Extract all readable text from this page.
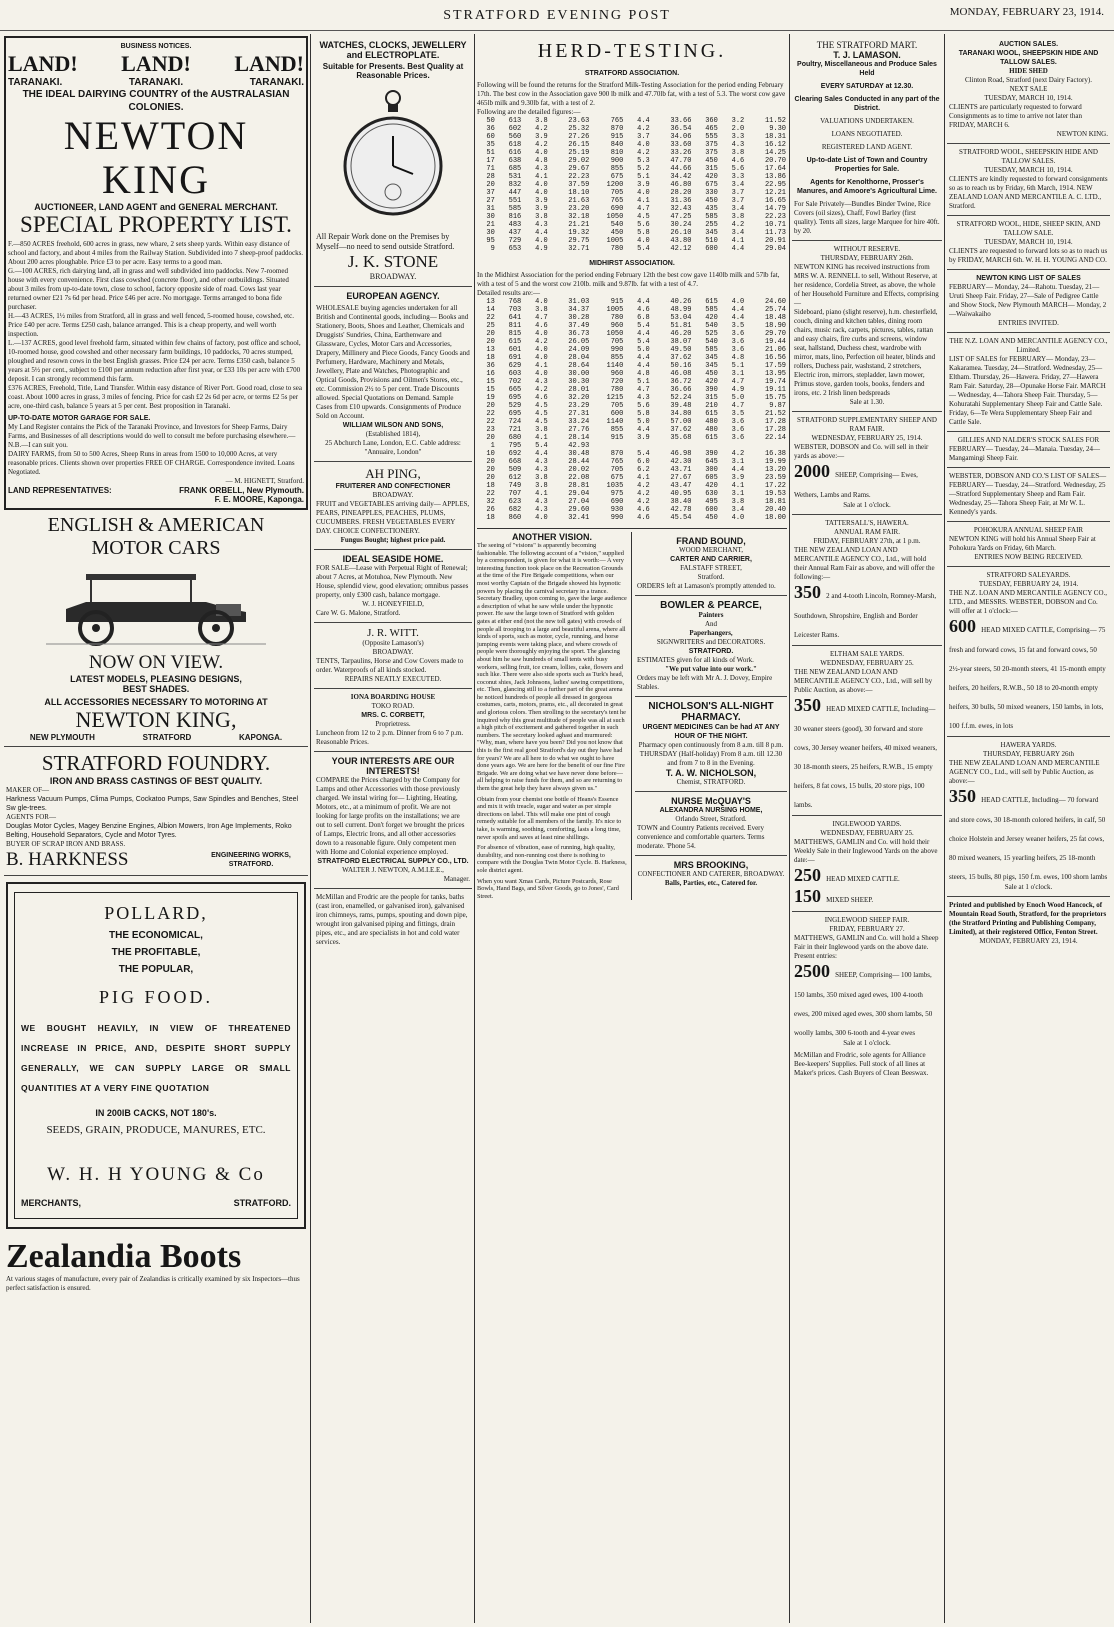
STRATFORD EVENING POST	MONDAY, FEBRUARY 23, 1914.
BUSINESS NOTICES.
LAND! LAND! LAND!
TARANAKI.	TARANAKI.	TARANAKI.
THE IDEAL DAIRYING COUNTRY of the AUSTRALASIAN COLONIES.
NEWTON KING
AUCTIONEER, LAND AGENT and GENERAL MERCHANT.
SPECIAL PROPERTY LIST.

F.—850 ACRES freehold, 600 acres in grass, new whare, 2 sets sheep yards. Within easy distance of school and factory, and about 4 miles from the Railway Station. Subdivided into 7 sheep-proof paddocks. About 200 acres ploughable. Price £3 to per acre. Easy terms to a good man.

G.—100 ACRES, rich dairying land, all in grass and well subdivided into paddocks. New 7-roomed house with every convenience. First class cowshed (concrete floor), and other outbuildings. Situated about 3 miles from up-to-date town, close to school, factory opposite side of road. Cows last year returned owner £21 7s 6d per head. Price £46 per acre. No mortgage. Terms arranged to bona fide purchaser.

H.—43 ACRES, 1½ miles from Stratford, all in grass and well fenced, 5-roomed house, cowshed, etc. Price £40 per acre. Terms £250 cash, balance arranged. This is a cheap property, and well worth inspection.

L.—137 ACRES, good level freehold farm, situated within few chains of factory, post office and school, 10-roomed house, good cowshed and other necessary farm buildings, 10 paddocks, 70 acres stumped, ploughed and resown cows in the best English grasses. Price £24 per acre. Terms £350 cash, balance 5 years at 5½ per cent., subject to £100 per annum reduction after first year, or £33 10s per acre with £700 deposit. I can strongly recommend this farm.

£376 ACRES, Freehold, Title, Land Transfer. Within easy distance of River Port. Good road, close to sea coast. About 1000 acres in grass, 3 miles of fencing. Price for cash £2 2s 6d per acre, or terms £2 5s per acre, one-third cash, balance 5 years at 5 per cent. Best proposition in Taranaki.

UP-TO-DATE MOTOR GARAGE FOR SALE.

My Land Register contains the Pick of the Taranaki Province, and Investors for Sheep Farms, Dairy Farms, and Businesses of all descriptions would do well to consult me before purchasing elsewhere.—N.B.—I can suit you.

DAIRY FARMS, from 50 to 500 Acres, Sheep Runs in areas from 1500 to 10,000 Acres, at very reasonable prices. Clients shown over properties FREE OF CHARGE. Correspondence invited. Loans Negotiated.

— M. HIGNETT, Stratford.

LAND REPRESENTATIVES:	FRANK ORBELL, New Plymouth.
F. E. MOORE, Kaponga.
ENGLISH & AMERICAN
MOTOR CARS
NOW ON VIEW.
LATEST MODELS, PLEASING DESIGNS,
BEST SHADES.
ALL ACCESSORIES NECESSARY TO MOTORING AT
NEWTON KING,
NEW PLYMOUTH	STRATFORD	KAPONGA.
STRATFORD FOUNDRY.
IRON AND BRASS CASTINGS OF BEST QUALITY.

MAKER OF—

Harkness Vacuum Pumps, Clima Pumps, Cockatoo Pumps, Saw Spindles and Benches, Steel Sw gle-trees.

AGENTS FOR—

Douglas Motor Cycles, Magey Benzine Engines, Albion Mowers, Iron Age Implements, Roko Belting, Household Separators, Cycle and Motor Tyres.

BUYER OF SCRAP IRON AND BRASS.

B. HARKNESS	ENGINEERING WORKS, STRATFORD.
POLLARD,
THE ECONOMICAL,
THE PROFITABLE,
THE POPULAR,
PIG FOOD.

WE BOUGHT HEAVILY, IN VIEW OF THREATENED INCREASE IN PRICE, AND, DESPITE SHORT SUPPLY GENERALLY, WE CAN SUPPLY LARGE OR SMALL QUANTITIES AT A VERY FINE QUOTATION

IN 200lB CACKS, NOT 180's.
SEEDS, GRAIN, PRODUCE, MANURES, ETC.
W. H. H YOUNG & Co
MERCHANTS,	STRATFORD.
Zealandia Boots

At various stages of manufacture, every pair of Zealandias is critically examined by six Inspectors—thus perfect satisfaction is ensured.

WATCHES, CLOCKS, JEWELLERY and ELECTROPLATE.
Suitable for Presents. Best Quality at Reasonable Prices.

All Repair Work done on the Premises by Myself—no need to send outside Stratford.

J. K. STONE
BROADWAY.
EUROPEAN AGENCY.

WHOLESALE buying agencies undertaken for all British and Continental goods, including— Books and Stationery, Boots, Shoes and Leather, Chemicals and Druggists' Sundries, China, Earthenware and Glassware, Cycles, Motor Cars and Accessories, Drapery, Millinery and Piece Goods, Fancy Goods and Perfumery, Hardware, Machinery and Metals, Jewellery, Plate and Watches, Photographic and Optical Goods, Provisions and Oilmen's Stores, etc., etc. Commission 2½ to 5 per cent. Trade Discounts allowed. Special Quotations on Demand. Sample Cases from £10 upwards. Consignments of Produce Sold on Account.

WILLIAM WILSON AND SONS,
(Established 1814),
25 Abchurch Lane, London, E.C. Cable address: "Annuaire, London"
AH PING,
FRUITERER AND CONFECTIONER
BROADWAY.

FRUIT and VEGETABLES arriving daily— APPLES, PEARS, PINEAPPLES, PEACHES, PLUMS, CUCUMBERS. FRESH VEGETABLES EVERY DAY. CHOICE CONFECTIONERY.

Fungus Bought; highest price paid.
IDEAL SEASIDE HOME.

FOR SALE—Lease with Perpetual Right of Renewal; about 7 Acres, at Motuhoa, New Plymouth. New House, splendid view, good elevation; omnibus passes property, only £300 cash, balance mortgage.

W. J. HONEYFIELD,
Care W. G. Malone, Stratford.
J. R. WITT.
(Opposite Lamason's)
BROADWAY.

TENTS, Tarpaulins, Horse and Cow Covers made to order. Waterproofs of all kinds stocked.

REPAIRS NEATLY EXECUTED.
IONA BOARDING HOUSE
TOKO ROAD.
MRS. C. CORBETT,
Proprietress.

Luncheon from 12 to 2 p.m. Dinner from 6 to 7 p.m. Reasonable Prices.

YOUR INTERESTS ARE OUR INTERESTS!

COMPARE the Prices charged by the Company for Lamps and other Accessories with those previously charged. We instal wiring for— Lighting, Heating, Motors, etc., at a minimum of profit. We are not looking for large profits on the installations; we are out to sell current. Don't forget we brought the prices of Lamps, Electric Irons, and all other accessories down to a reasonable figure. Only competent men with Home and Colonial experience employed.

STRATFORD ELECTRICAL SUPPLY CO., LTD.
WALTER J. NEWTON, A.M.I.E.E.,
Manager.

McMillan and Frodric are the people for tanks, baths (cast iron, enamelled, or galvanised iron), galvanised iron chimneys, rams, pumps, spouting and down pipe, wrought iron galvanised piping and fittings, drain pipes, etc., and are specialists in hot and cold water services.

HERD-TESTING.
STRATFORD ASSOCIATION.

Following will be found the returns for the Stratford Milk-Testing Association for the period ending February 17th. The best cow in the Association gave 900 lb milk and 47.70lb fat, with a test of 5.3. The worst cow gave 465lb milk and 9.30lb fat, with a test of 2.

Following are the detailed figures:—

50	613	3.8	23.63	765	4.4	33.66	360	3.2	11.52
36	602	4.2	25.32	870	4.2	36.54	465	2.0	9.30
60	560	3.9	27.26	915	3.7	34.06	555	3.3	18.31
35	618	4.2	26.15	840	4.0	33.60	375	4.3	16.12
51	616	4.0	25.19	810	4.2	33.26	375	3.8	14.25
17	638	4.8	29.02	900	5.3	47.70	450	4.6	20.70
71	685	4.3	29.67	855	5.2	44.66	315	5.6	17.64
28	531	4.1	22.23	675	5.1	34.42	420	3.3	13.86
20	832	4.0	37.59	1200	3.9	46.80	675	3.4	22.95
37	447	4.0	18.10	705	4.0	28.20	330	3.7	12.21
27	551	3.9	21.63	765	4.1	31.36	450	3.7	16.65
31	585	3.9	23.20	690	4.7	32.43	435	3.4	14.79
30	816	3.8	32.18	1050	4.5	47.25	585	3.8	22.23
21	483	4.3	21.21	540	5.6	30.24	255	4.2	10.71
30	437	4.4	19.32	450	5.8	26.10	345	3.4	11.73
95	729	4.0	29.75	1005	4.0	43.80	510	4.1	20.91
9	653	4.9	32.71	780	5.4	42.12	600	4.4	29.04
MIDHIRST ASSOCIATION.

In the Midhirst Association for the period ending February 12th the best cow gave 1140lb milk and 57lb fat, with a test of 5 and the worst cow 210lb. milk and 9.87lb. fat with a test of 4.7.

Detailed results are:—

13	768	4.0	31.03	915	4.4	40.26	615	4.0	24.60
14	703	3.8	34.37	1005	4.6	48.99	585	4.4	25.74
22	641	4.7	30.28	780	6.8	53.04	420	4.4	18.48
25	811	4.6	37.49	960	5.4	51.81	540	3.5	18.90
20	815	4.0	36.73	1050	4.4	46.20	525	3.6	29.70
20	615	4.2	26.05	705	5.4	38.07	540	3.6	19.44
13	601	4.0	24.09	990	5.0	49.50	585	3.6	21.06
18	691	4.0	28.04	855	4.4	37.62	345	4.8	16.56
36	629	4.1	28.64	1140	4.4	50.16	345	5.1	17.59
16	603	4.0	30.00	960	4.8	46.08	450	3.1	13.95
15	702	4.3	30.30	720	5.1	36.72	420	4.7	19.74
15	665	4.2	28.01	780	4.7	36.66	390	4.9	19.11
19	695	4.6	32.20	1215	4.3	52.24	315	5.0	15.75
20	529	4.5	23.29	705	5.6	39.48	210	4.7	9.87
22	695	4.5	27.31	600	5.8	34.80	615	3.5	21.52
22	724	4.5	33.24	1140	5.0	57.00	480	3.6	17.28
23	721	3.8	27.76	855	4.4	37.62	480	3.6	17.28
20	680	4.1	28.14	915	3.9	35.68	615	3.6	22.14
1	795	5.4	42.93						
10	692	4.4	30.48	870	5.4	46.98	390	4.2	16.38
20	668	4.3	28.44	765	6.0	42.30	645	3.1	19.99
20	509	4.3	20.02	705	6.2	43.71	300	4.4	13.20
20	612	3.8	22.08	675	4.1	27.67	605	3.9	23.59
18	749	3.8	28.81	1035	4.2	43.47	420	4.1	17.22
22	707	4.1	29.04	975	4.2	40.95	630	3.1	19.53
32	623	4.3	27.04	690	4.2	38.40	495	3.8	18.81
26	682	4.3	29.60	930	4.6	42.78	600	3.4	20.40
18	860	4.0	32.41	990	4.6	45.54	450	4.0	18.00
ANOTHER VISION.

The seeing of "visions" is apparently becoming fashionable. The following account of a "vision," supplied by a correspondent, is given for what it is worth:— A very interesting function took place on the Recreation Grounds at the time of the Fire Brigade competitions, when our most worthy Captain of the Brigade showed his hypnotic powers by placing the carnival secretary in a trance. Secretary Bradley, upon coming to, gave the large audience a description of what he saw while under the hypnotic power. He saw the large town of Stratford with golden gates at either end (not the new toll gates) with crowds of people all trooping to a large and beautiful arena, where all kinds of sports, such as motor, cycle, running, and horse jumping events were taking place, and where crowds of people were thoroughly enjoying the sport. The glancing about him he saw hundreds of small tents with busy workers, selling fruit, ice cream, lollies, cake, flowers and such like. There were also side sports such as Turk's head, coconut shies, Jack Johnsons, ladies' sawing competitions, etc. Then, glancing still to a further part of the great arena he noticed hundreds of people all dressed in gorgeous costumes, carts, motors, prams, etc., all decorated in great and glorious colors. Then strolling to the secretary's tent he inquired why this great multitude of people was all at such a high pitch of excitement and gathered together in such numbers. The secretary looked aghast and murmured: "Why, man, where have you been? Did you not know that this is the first real good Stratford's day out they have had for years? We are all here to do what we ought to have done years ago. We are here for the benefit of our fine Fire Brigade. We are doing what we have never done before—all helping to raise funds for them, and so are returning to them the great help they have always given us."

Obtain from your chemist one bottle of Heans's Essence and mix it with treacle, sugar and water as per simple directions on label. This will make one pint of cough remedy suitable for all members of the family. It's nice to take, is warming, soothing, comforting, lasts a long time, never spoils and saves at least nine shillings.

For absence of vibration, ease of running, high quality, durability, and non-running cost there is nothing to compare with the Douglas Twin Motor Cycle. B. Harkness, sole district agent.

When you want Xmas Cards, Picture Postcards, Rose Bowls, Hand Bags, and Silver Goods, go to Jones', Card Street.

FRAND BOUND,
WOOD MERCHANT,
CARTER AND CARRIER,
FALSTAFF STREET,
Stratford.

ORDERS left at Lamason's promptly attended to.

BOWLER & PEARCE,
Painters
And
Paperhangers,
SIGNWRITERS and DECORATORS.
STRATFORD.

ESTIMATES given for all kinds of Work.

"We put value into our work."

Orders may be left with Mr A. J. Dovey, Empire Stables.

NICHOLSON'S ALL-NIGHT PHARMACY.
URGENT MEDICINES Can be had AT ANY HOUR OF THE NIGHT.

Pharmacy open continuously from 8 a.m. till 8 p.m. THURSDAY (Half-holiday) From 8 a.m. till 12.30 and from 7 to 8 in the Evening.

T. A. W. NICHOLSON,
Chemist, STRATFORD.
NURSE McQUAY'S
ALEXANDRA NURSING HOME,
Orlando Street, Stratford.

TOWN and Country Patients received. Every convenience and comfortable quarters. Terms moderate. 'Phone 54.

MRS BROOKING,
CONFECTIONER AND CATERER, BROADWAY.
Balls, Parties, etc., Catered for.
THE STRATFORD MART.
T. J. LAMASON.
Poultry, Miscellaneous and Produce Sales Held
EVERY SATURDAY at 12.30.
Clearing Sales Conducted in any part of the District.
VALUATIONS UNDERTAKEN.
LOANS NEGOTIATED.
REGISTERED LAND AGENT.
Up-to-date List of Town and Country Properties for Sale.
Agents for Kenolthorne, Prosser's Manures, and Amoore's Agricultural Lime.

For Sale Privately—Bundles Binder Twine, Rice Covers (oil sizes), Chaff, Fowl Barley (first quality). Tents all sizes, large Marquee for hire 40ft. by 20.

WITHOUT RESERVE.
THURSDAY, FEBRUARY 26th.

NEWTON KING has received instructions from MRS W. A. RENNELL to sell, Without Reserve, at her residence, Cordelia Street, as above, the whole of her Household Furniture and Effects, comprising—

Sideboard, piano (slight reserve), h.m. chesterfield, couch, dining and kitchen tables, dining room chairs, music rack, carpets, pictures, tables, rattan and easy chairs, fire curbs and screens, window seat, hallstand, Duchess chest, wardrobe with mirror, mats, lino, Perfection oil heater, blinds and rollers, Duchess pair, washstand, 2 stretchers, Electric iron, mirrors, stepladder, lawn mower, Primus stove, garden tools, books, fenders and irons, etc. 2 Irish linen bedspreads

Sale at 1.30.
STRATFORD SUPPLEMENTARY SHEEP AND RAM FAIR.
WEDNESDAY, FEBRUARY 25, 1914.

WEBSTER, DOBSON and Co. will sell in their yards as above:—

2000 SHEEP, Comprising— Ewes, Wethers, Lambs and Rams.
Sale at 1 o'clock.
TATTERSALL'S, HAWERA.
ANNUAL RAM FAIR.
FRIDAY, FEBRUARY 27th, at 1 p.m.

THE NEW ZEALAND LOAN AND MERCANTILE AGENCY CO., Ltd., will hold their Annual Ram Fair as above, and will offer the following:—

350 2 and 4-tooth Lincoln, Romney-Marsh, Southdown, Shropshire, English and Border Leicester Rams.
ELTHAM SALE YARDS.
WEDNESDAY, FEBRUARY 25.

THE NEW ZEALAND LOAN AND MERCANTILE AGENCY CO., Ltd., will sell by Public Auction, as above:—

350 HEAD MIXED CATTLE, Including— 30 weaner steers (good), 30 forward and store cows, 30 Jersey weaner heifers, 40 mixed weaners, 30 18-month steers, 25 heifers, R.W.B., 15 empty heifers, 8 fat cows, 15 bulls, 20 store pigs, 100 lambs.
INGLEWOOD YARDS.
WEDNESDAY, FEBRUARY 25.

MATTHEWS, GAMLIN and Co. will hold their Weekly Sale in their Inglewood Yards on the above date:—

250 HEAD MIXED CATTLE.
150 MIXED SHEEP.
INGLEWOOD SHEEP FAIR.
FRIDAY, FEBRUARY 27.

MATTHEWS, GAMLIN and Co. will hold a Sheep Fair in their Inglewood yards on the above date. Present entries:

2500 SHEEP, Comprising— 100 lambs, 150 lambs, 350 mixed aged ewes, 100 4-tooth ewes, 200 mixed aged ewes, 300 shorn lambs, 50 woolly lambs, 300 6-tooth and 4-year ewes
Sale at 1 o'clock.

McMillan and Frodric, sole agents for Alliance Bee-keepers' Supplies. Full stock of all lines at Maker's prices. Cash Buyers of Clean Beeswax.

AUCTION SALES.
TARANAKI WOOL, SHEEPSKIN HIDE AND TALLOW SALES.
HIDE SHED
Clinton Road, Stratford (next Dairy Factory).
NEXT SALE
TUESDAY, MARCH 10, 1914.

CLIENTS are particularly requested to forward Consignments as to time to arrive not later than FRIDAY, MARCH 6.

NEWTON KING.
STRATFORD WOOL, SHEEPSKIN HIDE AND TALLOW SALES.
TUESDAY, MARCH 10, 1914.

CLIENTS are kindly requested to forward consignments so as to reach us by Friday, 6th March, 1914. NEW ZEALAND LOAN AND MERCANTILE A. C. LTD., Stratford.

STRATFORD WOOL, HIDE, SHEEP SKIN, AND TALLOW SALE.
TUESDAY, MARCH 10, 1914.

CLIENTS are requested to forward lots so as to reach us by FRIDAY, MARCH 6th. W. H. H. YOUNG AND CO.

NEWTON KING LIST OF SALES

FEBRUARY— Monday, 24—Rahotu. Tuesday, 21—Uruti Sheep Fair. Friday, 27—Sale of Pedigree Cattle and Show Stock, New Plymouth MARCH— Monday, 2—Waiwakaiho

ENTRIES INVITED.
THE N.Z. LOAN AND MERCANTILE AGENCY CO., Limited.

LIST OF SALES for FEBRUARY— Monday, 23—Kakaramea. Tuesday, 24—Stratford. Wednesday, 25—Eltham. Thursday, 26—Hawera. Friday, 27—Hawera Ram Fair. Saturday, 28—Opunake Horse Fair. MARCH— Wednesday, 4—Tahora Sheep Fair. Thursday, 5—Kohuratahi Supplementary Sheep Fair and Cattle Sale. Friday, 6—Te Wera Supplementary Sheep Fair and Cattle Sale.

GILLIES AND NALDER'S STOCK SALES FOR

FEBRUARY— Tuesday, 24—Manaia. Tuesday, 24—Mangamingi Sheep Fair.

WEBSTER, DOBSON AND CO.'S LIST OF SALES— FEBRUARY— Tuesday, 24—Stratford. Wednesday, 25—Stratford Supplementary Sheep and Ram Fair. Wednesday, 25—Tahora Sheep Fair, at Mr W. L. Kennedy's yards.

POHOKURA ANNUAL SHEEP FAIR

NEWTON KING will hold his Annual Sheep Fair at Pohokura Yards on Friday, 6th March.

ENTRIES NOW BEING RECEIVED.
STRATFORD SALEYARDS.
TUESDAY, FEBRUARY 24, 1914.

THE N.Z. LOAN AND MERCANTILE AGENCY CO., LTD., and MESSRS. WEBSTER, DOBSON and Co. will offer at 1 o'clock:—

600 HEAD MIXED CATTLE, Comprising— 75 fresh and forward cows, 15 fat and forward cows, 50 2½-year steers, 50 20-month steers, 41 15-month empty heifers, 20 heifers, R.W.B., 50 18 to 20-month empty heifers, 30 bulls, 50 mixed weaners, 150 lambs, in lots, 100 f.f.m. ewes, in lots
HAWERA YARDS.
THURSDAY, FEBRUARY 26th

THE NEW ZEALAND LOAN AND MERCANTILE AGENCY CO., Ltd., will sell by Public Auction, as above:—

350 HEAD CATTLE, Including— 70 forward and store cows, 30 18-month colored heifers, in calf, 50 choice Holstein and Jersey weaner heifers, 25 fat cows, 80 mixed weaners, 15 yearling heifers, 25 18-month steers, 15 bulls, 80 pigs, 150 f.m. ewes, 100 shorn lambs
Sale at 1 o'clock.

Printed and published by Enoch Wood Hancock, of Mountain Road South, Stratford, for the proprietors (the Stratford Printing and Publishing Company, Limited), at their registered Office, Fenton Street.

MONDAY, FEBRUARY 23, 1914.
